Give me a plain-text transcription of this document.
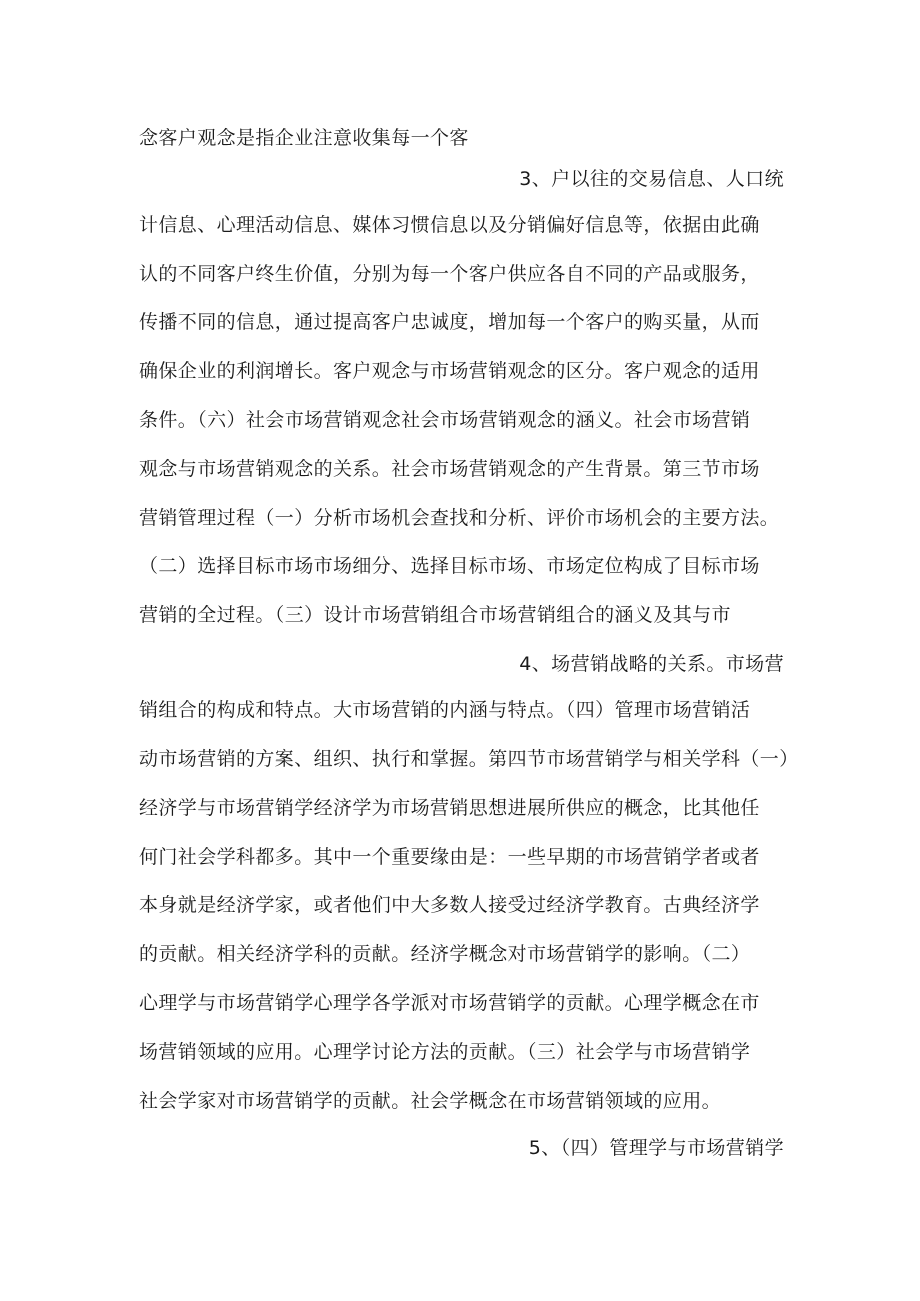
念客户观念是指企业注意收集每一个客
3、户以往的交易信息、人口统
计信息、心理活动信息、媒体习惯信息以及分销偏好信息等，依据由此确
认的不同客户终生价值，分别为每一个客户供应各自不同的产品或服务，
传播不同的信息，通过提高客户忠诚度，增加每一个客户的购买量，从而
确保企业的利润增长。客户观念与市场营销观念的区分。客户观念的适用
条件。（六）社会市场营销观念社会市场营销观念的涵义。社会市场营销
观念与市场营销观念的关系。社会市场营销观念的产生背景。第三节市场
营销管理过程（一）分析市场机会查找和分析、评价市场机会的主要方法。
（二）选择目标市场市场细分、选择目标市场、市场定位构成了目标市场
营销的全过程。（三）设计市场营销组合市场营销组合的涵义及其与市
4、场营销战略的关系。市场营
销组合的构成和特点。大市场营销的内涵与特点。（四）管理市场营销活
动市场营销的方案、组织、执行和掌握。第四节市场营销学与相关学科（一）
经济学与市场营销学经济学为市场营销思想进展所供应的概念，比其他任
何门社会学科都多。其中一个重要缘由是：一些早期的市场营销学者或者
本身就是经济学家，或者他们中大多数人接受过经济学教育。古典经济学
的贡献。相关经济学科的贡献。经济学概念对市场营销学的影响。（二）
心理学与市场营销学心理学各学派对市场营销学的贡献。心理学概念在市
场营销领域的应用。心理学讨论方法的贡献。（三）社会学与市场营销学
社会学家对市场营销学的贡献。社会学概念在市场营销领域的应用。
5、（四）管理学与市场营销学
